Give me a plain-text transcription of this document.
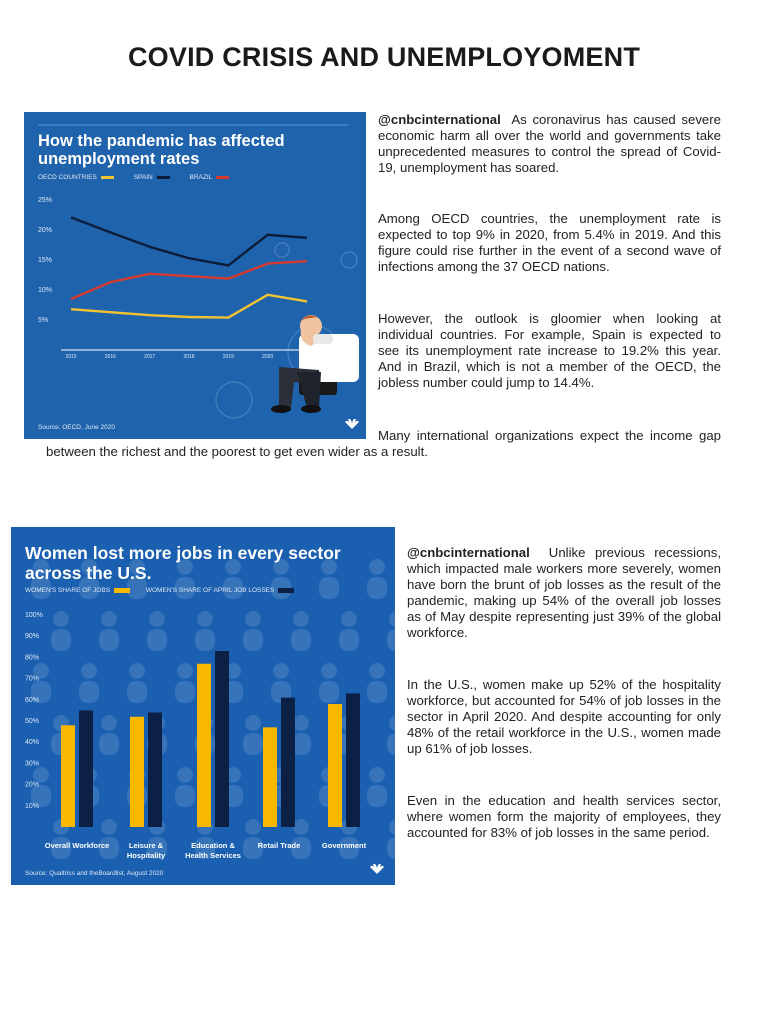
COVID CRISIS AND UNEMPLOYOMENT
25%
20%
15%
10%
5%
2015	2016	2017	2018	2019	2020
How the pandemic has affected unemployment rates
OECD COUNTRIES	SPAIN	BRAZIL
Source: OECD, June 2020
100%
90%
80%
70%
60%
50%
40%
30%
20%
10%
Overall Workforce	Leisure & Hospitality
Education & Health Services
Retail Trade	Government
Women lost more jobs in every sector across the U.S.
WOMEN'S SHARE OF JOBS	WOMEN'S SHARE OF APRIL JOB LOSSES
Source: Qualtrics and theBoardlist, August 2020
@cnbcinternational As coronavirus has caused severe economic harm all over the world and governments take unprecedented measures to control the spread of Covid-19, unemployment has soared.
Among OECD countries, the unemployment rate is expected to top 9% in 2020, from 5.4% in 2019. And this figure could rise further in the event of a second wave of infections among the 37 OECD nations.
However, the outlook is gloomier when looking at individual countries. For example, Spain is expected to see its unemployment rate increase to 19.2% this year. And in Brazil, which is not a member of the OECD, the jobless number could jump to 14.4%.
Many international organizations expect the income gap between the richest and the poorest to get even wider as a result.
@cnbcinternational Unlike previous recessions, which impacted male workers more severely, women have born the brunt of job losses as the result of the pandemic, making up 54% of the overall job losses as of May despite representing just 39% of the global workforce.
In the U.S., women make up 52% of the hospitality workforce, but accounted for 54% of job losses in the sector in April 2020. And despite accounting for only 48% of the retail workforce in the U.S., women made up 61% of job losses.
Even in the education and health services sector, where women form the majority of employees, they accounted for 83% of job losses in the same period.
